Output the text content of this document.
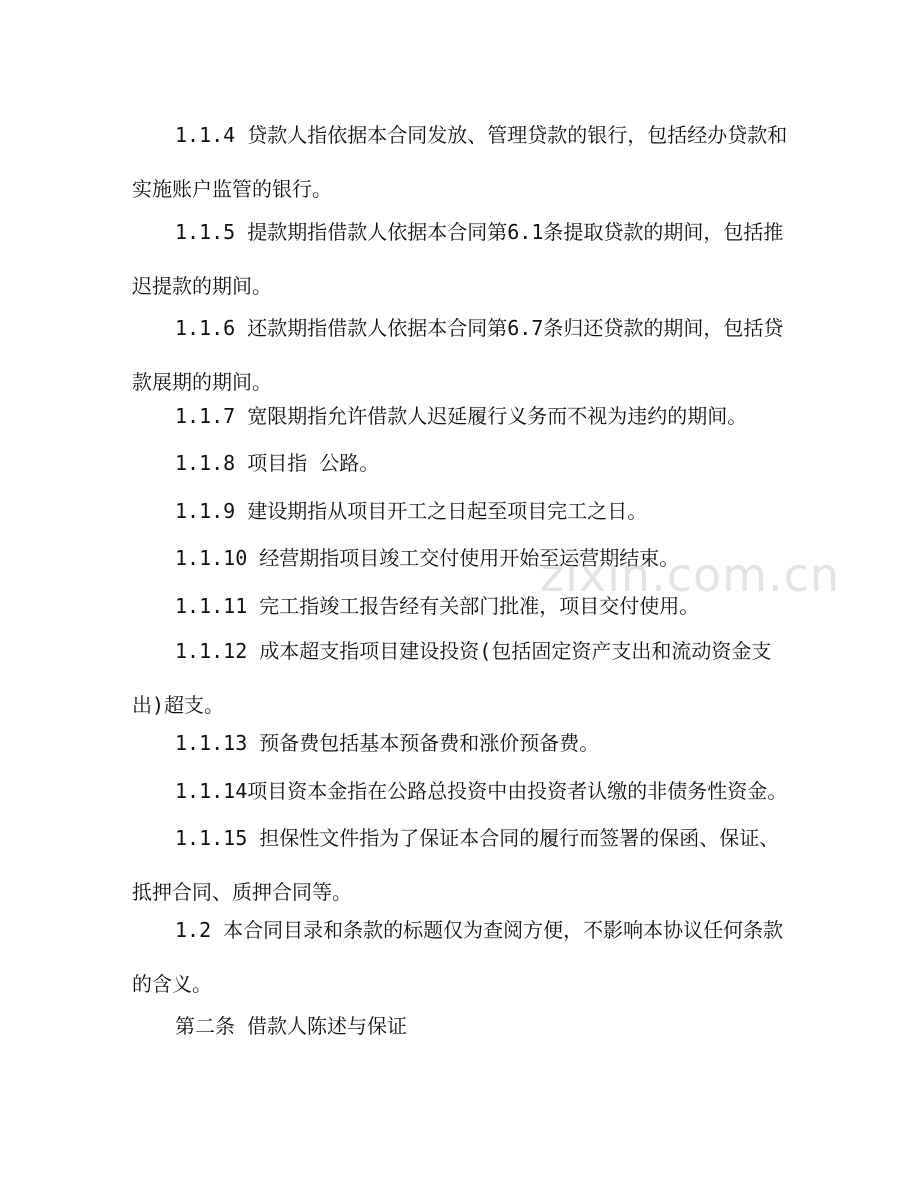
1.1.4 贷款人指依据本合同发放、管理贷款的银行，包括经办贷款和实施账户监管的银行。
1.1.5 提款期指借款人依据本合同第6.1条提取贷款的期间，包括推迟提款的期间。
1.1.6 还款期指借款人依据本合同第6.7条归还贷款的期间，包括贷款展期的期间。
1.1.7 宽限期指允许借款人迟延履行义务而不视为违约的期间。
1.1.8 项目指 公路。
1.1.9 建设期指从项目开工之日起至项目完工之日。
1.1.10 经营期指项目竣工交付使用开始至运营期结束。
1.1.11 完工指竣工报告经有关部门批准，项目交付使用。
1.1.12 成本超支指项目建设投资(包括固定资产支出和流动资金支出)超支。
1.1.13 预备费包括基本预备费和涨价预备费。
1.1.14项目资本金指在公路总投资中由投资者认缴的非债务性资金。
1.1.15 担保性文件指为了保证本合同的履行而签署的保函、保证、抵押合同、质押合同等。
1.2 本合同目录和条款的标题仅为查阅方便，不影响本协议任何条款的含义。
第二条 借款人陈述与保证
zixin.com.cn
